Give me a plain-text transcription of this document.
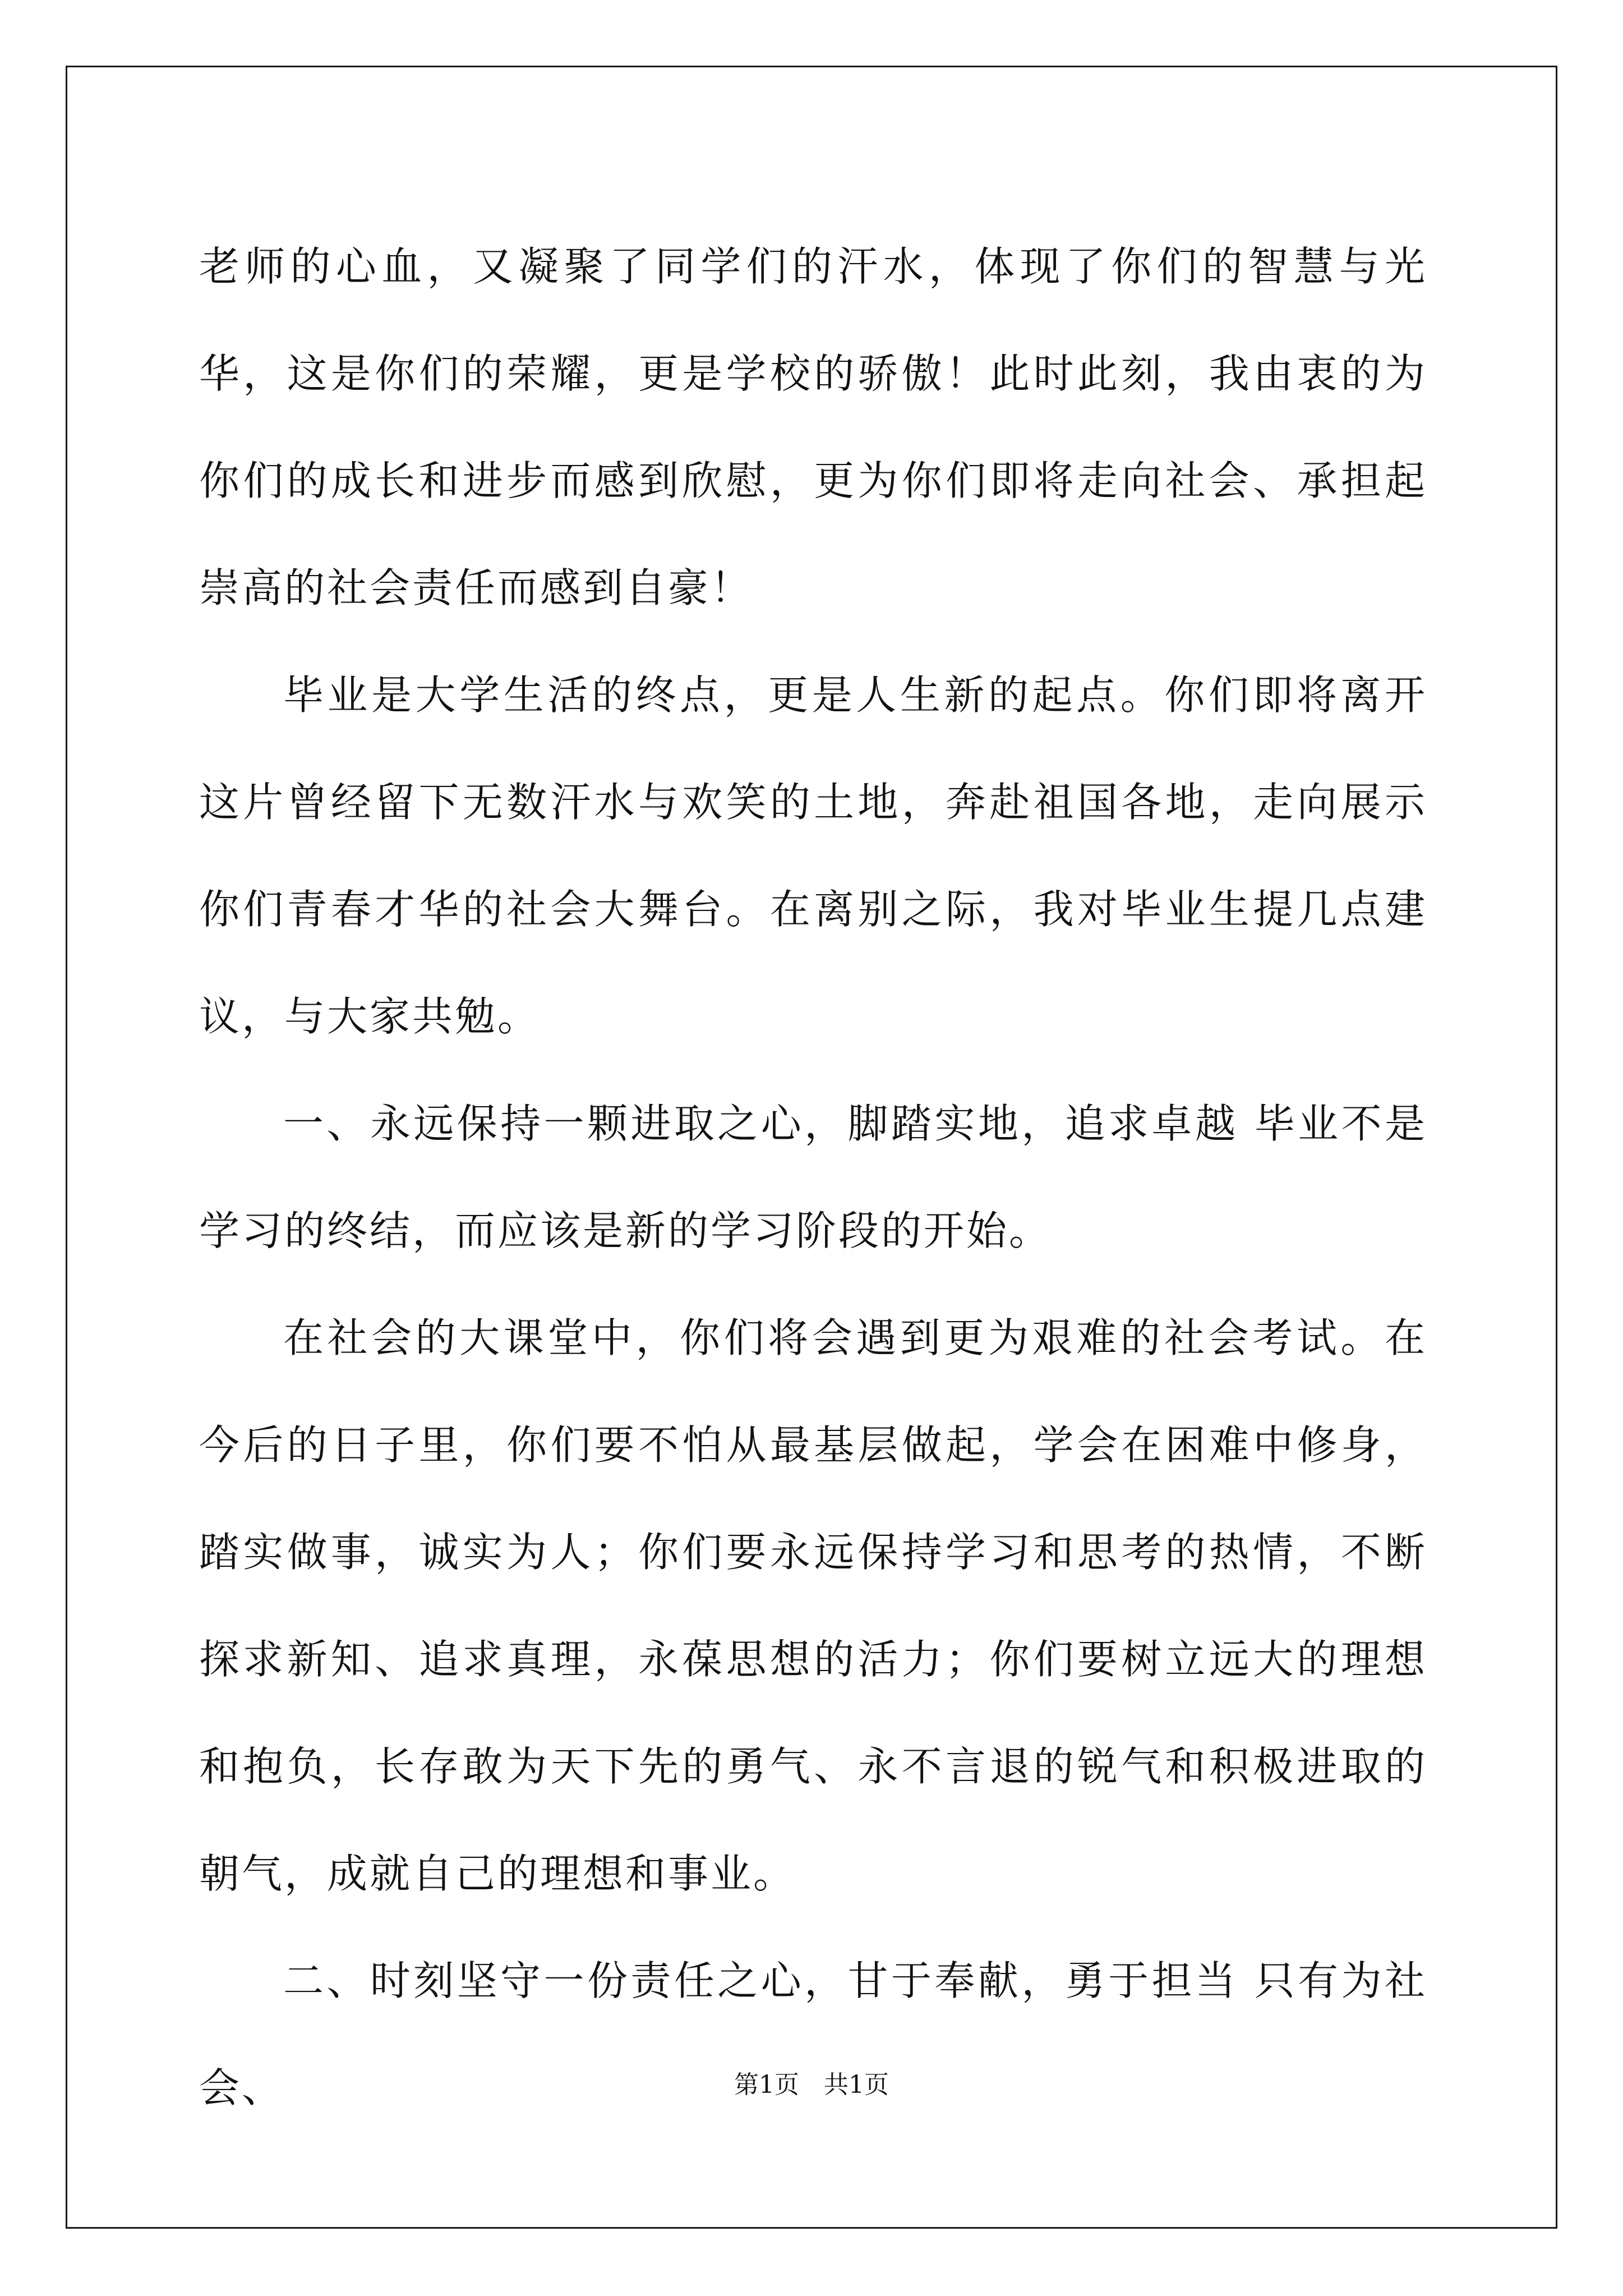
老师的心血，又凝聚了同学们的汗水，体现了你们的智慧与光华，这是你们的荣耀，更是学校的骄傲！此时此刻，我由衷的为你们的成长和进步而感到欣慰，更为你们即将走向社会、承担起崇高的社会责任而感到自豪！

毕业是大学生活的终点，更是人生新的起点。你们即将离开这片曾经留下无数汗水与欢笑的土地，奔赴祖国各地，走向展示你们青春才华的社会大舞台。在离别之际，我对毕业生提几点建议，与大家共勉。

一、永远保持一颗进取之心，脚踏实地，追求卓越 毕业不是学习的终结，而应该是新的学习阶段的开始。

在社会的大课堂中，你们将会遇到更为艰难的社会考试。在今后的日子里，你们要不怕从最基层做起，学会在困难中修身，踏实做事，诚实为人；你们要永远保持学习和思考的热情，不断探求新知、追求真理，永葆思想的活力；你们要树立远大的理想和抱负，长存敢为天下先的勇气、永不言退的锐气和积极进取的朝气，成就自己的理想和事业。

二、时刻坚守一份责任之心，甘于奉献，勇于担当 只有为社会、	第1页　共1页
